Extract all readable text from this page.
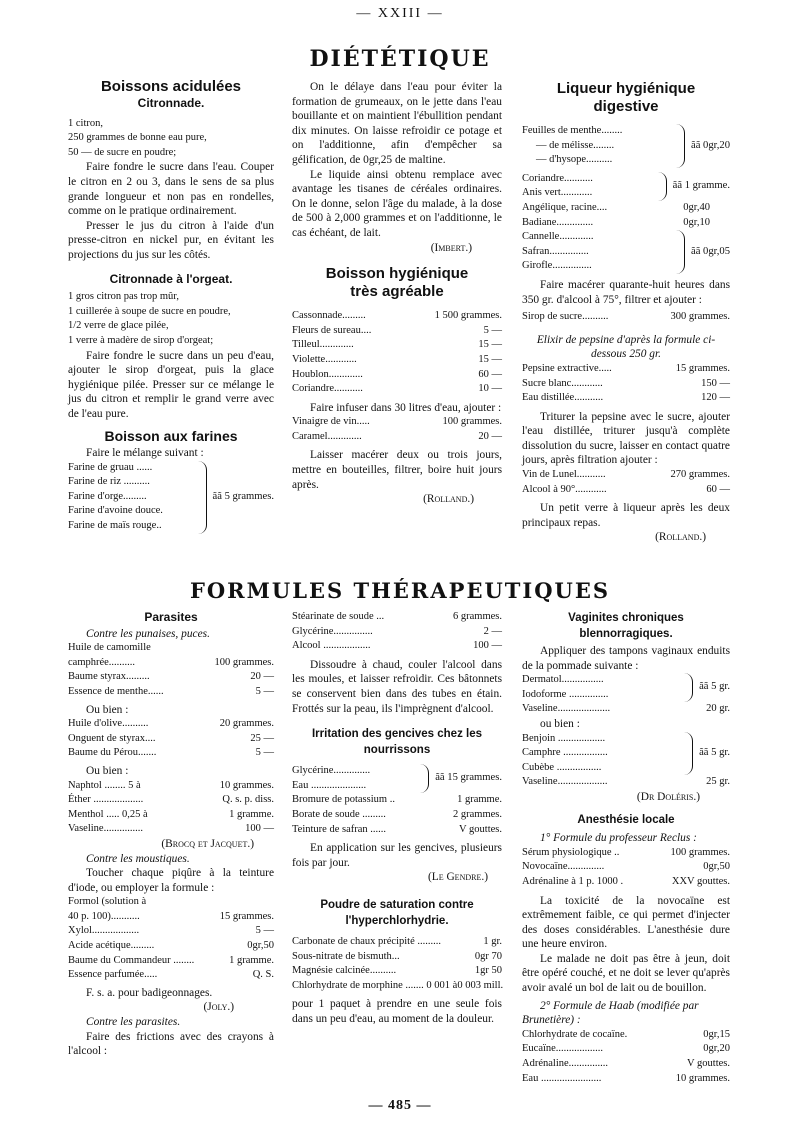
— XXIII —
DIÉTÉTIQUE
Boissons acidulées
Citronnade.

1 citron,

250 grammes de bonne eau pure,

50 — de sucre en poudre;

Faire fondre le sucre dans l'eau. Couper le citron en 2 ou 3, dans le sens de sa plus grande longueur et non pas en rondelles, comme on le pratique ordinairement.

Presser le jus du citron à l'aide d'un presse-citron en nickel pur, en évitant les projections du jus sur les côtés.

Citronnade à l'orgeat.

1 gros citron pas trop mûr,

1 cuillerée à soupe de sucre en poudre,

1/2 verre de glace pilée,

1 verre à madère de sirop d'orgeat;

Faire fondre le sucre dans un peu d'eau, ajouter le sirop d'orgeat, puis la glace hygiénique pilée. Presser sur ce mélange le jus du citron et remplir le grand verre avec de l'eau pure.

Boisson aux farines

Faire le mélange suivant :

Farine de gruau ......
Farine de riz ..........
Farine d'orge.........
Farine d'avoine douce.
Farine de maïs rouge..
ãã 5 grammes.

On le délaye dans l'eau pour éviter la formation de grumeaux, on le jette dans l'eau bouillante et on maintient l'ébullition pendant dix minutes. On laisse refroidir ce potage et on l'additionne, afin d'empêcher sa gélification, de 0gr,25 de maltine.

Le liquide ainsi obtenu remplace avec avantage les tisanes de céréales ordinaires. On le donne, selon l'âge du malade, à la dose de 500 à 2,000 grammes et on l'additionne, le cas échéant, de lait.

(Imbert.)

Boisson hygiénique très agréable
Cassonnade.........	1 500 grammes.
Fleurs de sureau....	5 —
Tilleul.............	15 —
Violette............	15 —
Houblon.............	60 —
Coriandre...........	10 —

Faire infuser dans 30 litres d'eau, ajouter :

Vinaigre de vin.....	100 grammes.
Caramel.............	20 —

Laisser macérer deux ou trois jours, mettre en bouteilles, filtrer, boire huit jours après.

(Rolland.)

Liqueur hygiénique digestive
Feuilles de menthe........
— de mélisse........
— d'hysope..........
ãã 0gr,20
Coriandre...........
Anis vert............
ãã 1 gramme.
Angélique, racine....	0gr,40
Badiane..............	0gr,10
Cannelle.............
Safran...............
Girofle...............
ãã 0gr,05

Faire macérer quarante-huit heures dans 350 gr. d'alcool à 75°, filtrer et ajouter :

Sirop de sucre..........	300 grammes.

Elixir de pepsine d'après la formule ci-dessous 250 gr.

Pepsine extractive.....	15 grammes.
Sucre blanc............	150 —
Eau distillée...........	120 —

Triturer la pepsine avec le sucre, ajouter l'eau distillée, triturer jusqu'à complète dissolution du sucre, laisser en contact quatre jours, après filtration ajouter :

Vin de Lunel...........	270 grammes.
Alcool à 90°............	60 —

Un petit verre à liqueur après les deux principaux repas.

(Rolland.)

FORMULES THÉRAPEUTIQUES
Parasites

Contre les punaises, puces.

Huile de camomille
camphrée..........	100 grammes.
Baume styrax.........	20 —
Essence de menthe......	5 —

Ou bien :

Huile d'olive..........	20 grammes.
Onguent de styrax....	25 —
Baume du Pérou.......	5 —

Ou bien :

Naphtol ........ 5 à	10 grammes.
Éther ...................	Q. s. p. diss.
Menthol ..... 0,25 à	1 gramme.
Vaseline...............	100 —

(Brocq et Jacquet.)

Contre les moustiques.

Toucher chaque piqûre à la teinture d'iode, ou employer la formule :

Formol (solution à
40 p. 100)...........	15 grammes.
Xylol..................	5 —
Acide acétique.........	0gr,50
Baume du Commandeur ........	1 gramme.
Essence parfumée.....	Q. S.

F. s. a. pour badigeonnages.

(Joly.)

Contre les parasites.

Faire des frictions avec des crayons à l'alcool :

Stéarinate de soude ...	6 grammes.
Glycérine...............	2 —
Alcool ..................	100 —

Dissoudre à chaud, couler l'alcool dans les moules, et laisser refroidir. Ces bâtonnets se conservent bien dans des tubes en étain. Frottés sur la peau, ils l'imprègnent d'alcool.

Irritation des gencives chez les nourrissons
Glycérine..............
Eau .....................
ãã 15 grammes.
Bromure de potassium ..	1 gramme.
Borate de soude .........	2 grammes.
Teinture de safran ......	V gouttes.

En application sur les gencives, plusieurs fois par jour.

(Le Gendre.)

Poudre de saturation contre l'hyperchlorhydrie.
Carbonate de chaux précipité .........	1 gr.
Sous-nitrate de bismuth...	0gr 70
Magnésie calcinée..........	1gr 50
Chlorhydrate de morphine ....... 0 001 à 0 003 mill.

pour 1 paquet à prendre en une seule fois dans un peu d'eau, au moment de la douleur.

Vaginites chroniques blennorragiques.

Appliquer des tampons vaginaux enduits de la pommade suivante :

Dermatol................
Iodoforme ...............
ãã 5 gr.
Vaseline....................	20 gr.

ou bien :

Benjoin ..................
Camphre .................
Cubèbe .................
ãã 5 gr.
Vaseline...................	25 gr.

(Dr Doléris.)

Anesthésie locale

1° Formule du professeur Reclus :

Sérum physiologique ..	100 grammes.
Novocaïne..............	0gr,50
Adrénaline à 1 p. 1000 .	XXV gouttes.

La toxicité de la novocaïne est extrêmement faible, ce qui permet d'injecter des doses considérables. L'anesthésie dure une heure environ.

Le malade ne doit pas être à jeun, doit être opéré couché, et ne doit se lever qu'après avoir avalé un bol de lait ou de bouillon.

2° Formule de Haab (modifiée par Brunetière) :

Chlorhydrate de cocaïne.	0gr,15
Eucaïne..................	0gr,20
Adrénaline...............	V gouttes.
Eau .......................	10 grammes.
— 485 —
